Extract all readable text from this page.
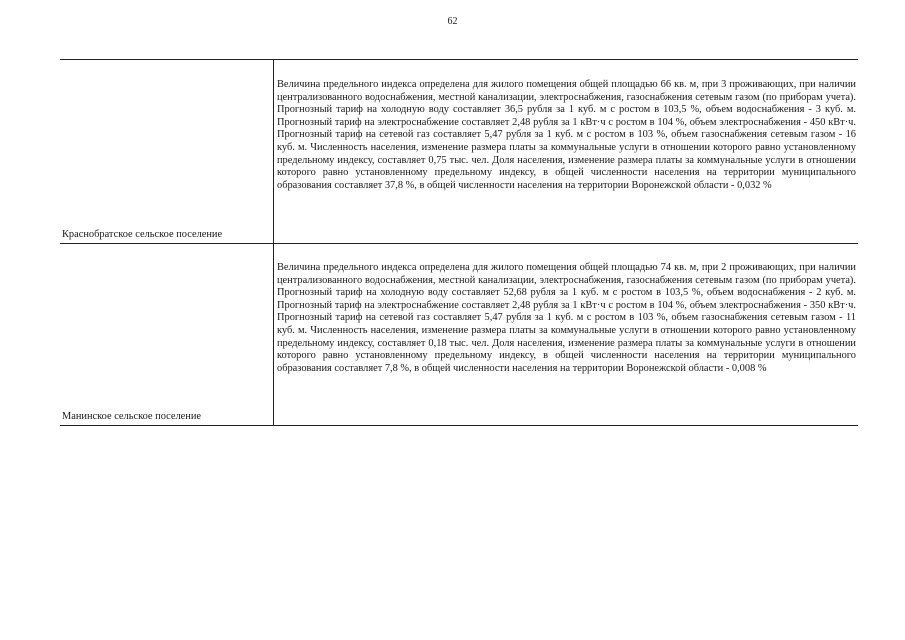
62
Краснобратское сельское поселение
Величина предельного индекса определена для жилого помещения общей площадью 66 кв. м, при 3 проживающих, при наличии централизованного водоснабжения, местной канализации, электроснабжения, газоснабжения сетевым газом (по приборам учета). Прогнозный тариф на холодную воду составляет 36,5 рубля за 1 куб. м с ростом в 103,5 %, объем водоснабжения - 3 куб. м. Прогнозный тариф на электроснабжение составляет 2,48 рубля за 1 кВт·ч с ростом в 104 %, объем электроснабжения - 450 кВт·ч. Прогнозный тариф на сетевой газ составляет 5,47 рубля за 1 куб. м с ростом в 103 %, объем газоснабжения сетевым газом - 16 куб. м. Численность населения, изменение размера платы за коммунальные услуги в отношении которого равно установленному предельному индексу, составляет 0,75 тыс. чел. Доля населения, изменение размера платы за коммунальные услуги в отношении которого равно установленному предельному индексу, в общей численности населения на территории муниципального образования составляет 37,8 %, в общей численности населения на территории Воронежской области - 0,032 %
Манинское сельское поселение
Величина предельного индекса определена для жилого помещения общей площадью 74 кв. м, при 2 проживающих, при наличии централизованного водоснабжения, местной канализации, электроснабжения, газоснабжения сетевым газом (по приборам учета). Прогнозный тариф на холодную воду составляет 52,68 рубля за 1 куб. м с ростом в 103,5 %, объем водоснабжения - 2 куб. м. Прогнозный тариф на электроснабжение составляет 2,48 рубля за 1 кВт·ч с ростом в 104 %, объем электроснабжения - 350 кВт·ч. Прогнозный тариф на сетевой газ составляет 5,47 рубля за 1 куб. м с ростом в 103 %, объем газоснабжения сетевым газом - 11 куб. м. Численность населения, изменение размера платы за коммунальные услуги в отношении которого равно установленному предельному индексу, составляет 0,18 тыс. чел. Доля населения, изменение размера платы за коммунальные услуги в отношении которого равно установленному предельному индексу, в общей численности населения на территории муниципального образования составляет 7,8 %, в общей численности населения на территории Воронежской области - 0,008 %
